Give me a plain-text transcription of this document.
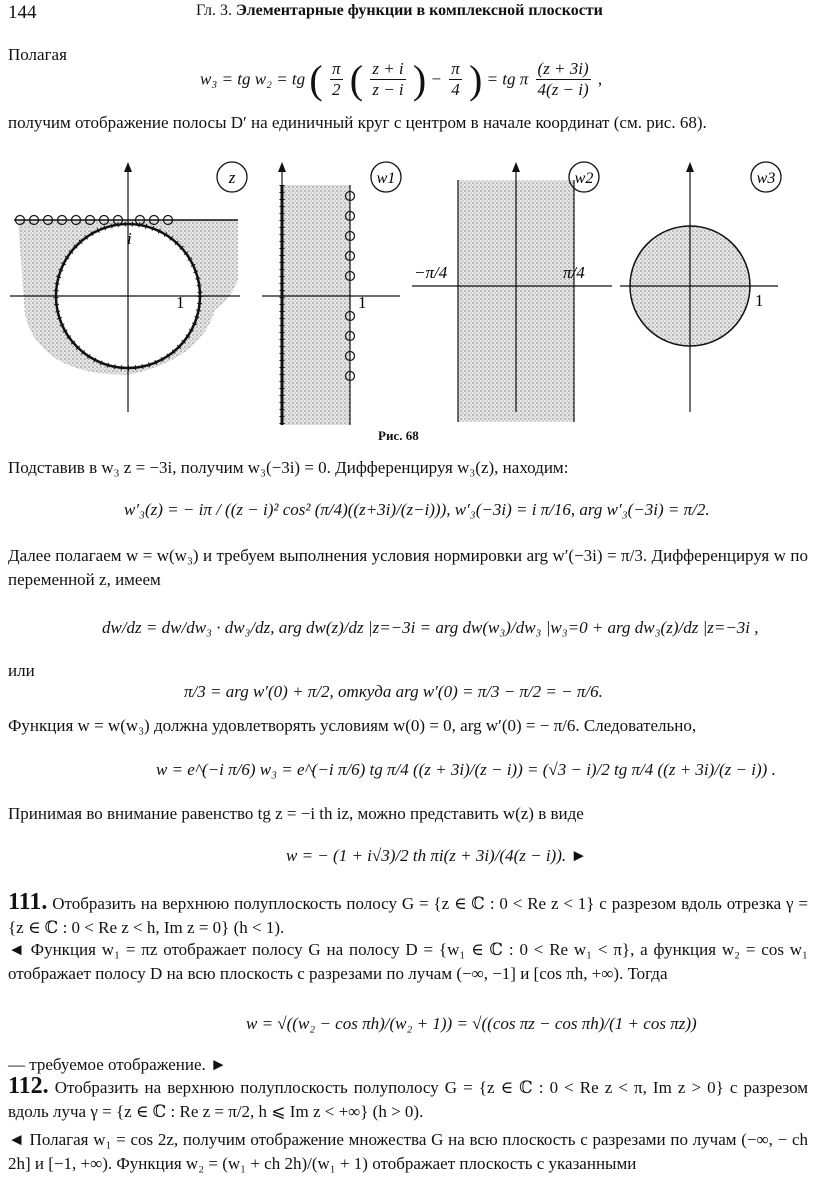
144	Гл. 3. Элементарные функции в комплексной плоскости
Полагая
w₃ = tg w₂ = tg ( $\frac{\pi}{2}$ ( $\frac{z + i}{z - i}$ ) − $\frac{\pi}{4}$ ) = tg π $\frac{(z + 3i)}{4(z - i)}$ ,
получим отображение полосы D′ на единичный круг с центром в начале координат (см. рис. 68).
z
i
1
w1
1
w2
−π/4	π/4
w3
1
Рис. 68
Подставив в w₃ z = −3i, получим w₃(−3i) = 0. Дифференцируя w₃(z), находим:
w′₃(z) = − iπ / ((z − i)² cos² (π/4)((z+3i)/(z−i))), w′₃(−3i) = i π/16, arg w′₃(−3i) = π/2.
Далее полагаем w = w(w₃) и требуем выполнения условия нормировки arg w′(−3i) = π/3. Дифференцируя w по переменной z, имеем
dw/dz = dw/dw₃ · dw₃/dz, arg dw(z)/dz |z=−3i = arg dw(w₃)/dw₃ |w₃=0 + arg dw₃(z)/dz |z=−3i ,
или
π/3 = arg w′(0) + π/2, откуда arg w′(0) = π/3 − π/2 = − π/6.
Функция w = w(w₃) должна удовлетворять условиям w(0) = 0, arg w′(0) = − π/6. Следовательно,
w = e^(−i π/6) w₃ = e^(−i π/6) tg π/4 ((z + 3i)/(z − i)) = (√3 − i)/2 tg π/4 ((z + 3i)/(z − i)) .
Принимая во внимание равенство tg z = −i th iz, можно представить w(z) в виде
w = − (1 + i√3)/2 th πi(z + 3i)/(4(z − i)). ►
111. Отобразить на верхнюю полуплоскость полосу G = {z ∈ ℂ : 0 < Re z < 1} с разрезом вдоль отрезка γ = {z ∈ ℂ : 0 < Re z < h, Im z = 0} (h < 1).
◄ Функция w₁ = πz отображает полосу G на полосу D = {w₁ ∈ ℂ : 0 < Re w₁ < π}, а функция w₂ = cos w₁ отображает полосу D на всю плоскость с разрезами по лучам (−∞, −1] и [cos πh, +∞). Тогда
w = √((w₂ − cos πh)/(w₂ + 1)) = √((cos πz − cos πh)/(1 + cos πz))
— требуемое отображение. ►
112. Отобразить на верхнюю полуплоскость полуполосу G = {z ∈ ℂ : 0 < Re z < π, Im z > 0} с разрезом вдоль луча γ = {z ∈ ℂ : Re z = π/2, h ⩽ Im z < +∞} (h > 0).
◄ Полагая w₁ = cos 2z, получим отображение множества G на всю плоскость с разрезами по лучам (−∞, − ch 2h] и [−1, +∞). Функция w₂ = (w₁ + ch 2h)/(w₁ + 1) отображает плоскость с указанными
